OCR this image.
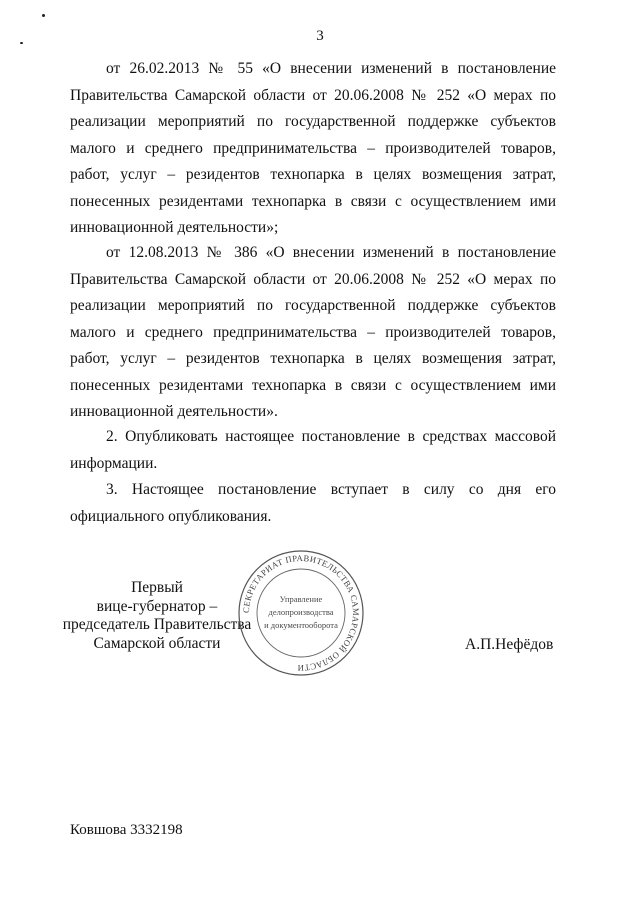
3

от 26.02.2013 № 55 «О внесении изменений в постановление Правительства Самарской области от 20.06.2008 № 252 «О мерах по реализации мероприятий по государственной поддержке субъектов малого и среднего предпринимательства – производителей товаров, работ, услуг – резидентов технопарка в целях возмещения затрат, понесенных резидентами технопарка в связи с осуществлением ими инновационной деятельности»;

от 12.08.2013 № 386 «О внесении изменений в постановление Правительства Самарской области от 20.06.2008 № 252 «О мерах по реализации мероприятий по государственной поддержке субъектов малого и среднего предпринимательства – производителей товаров, работ, услуг – резидентов технопарка в целях возмещения затрат, понесенных резидентами технопарка в связи с осуществлением ими инновационной деятельности».

2. Опубликовать настоящее постановление в средствах массовой информации.

3. Настоящее постановление вступает в силу со дня его официального опубликования.

Первый
вице-губернатор –
председатель Правительства
Самарской области
СЕКРЕТАРИАТ ПРАВИТЕЛЬСТВА САМАРСКОЙ ОБЛАСТИ
Управление
делопроизводства
и документооборота
А.П.Нефёдов
Ковшова 3332198
